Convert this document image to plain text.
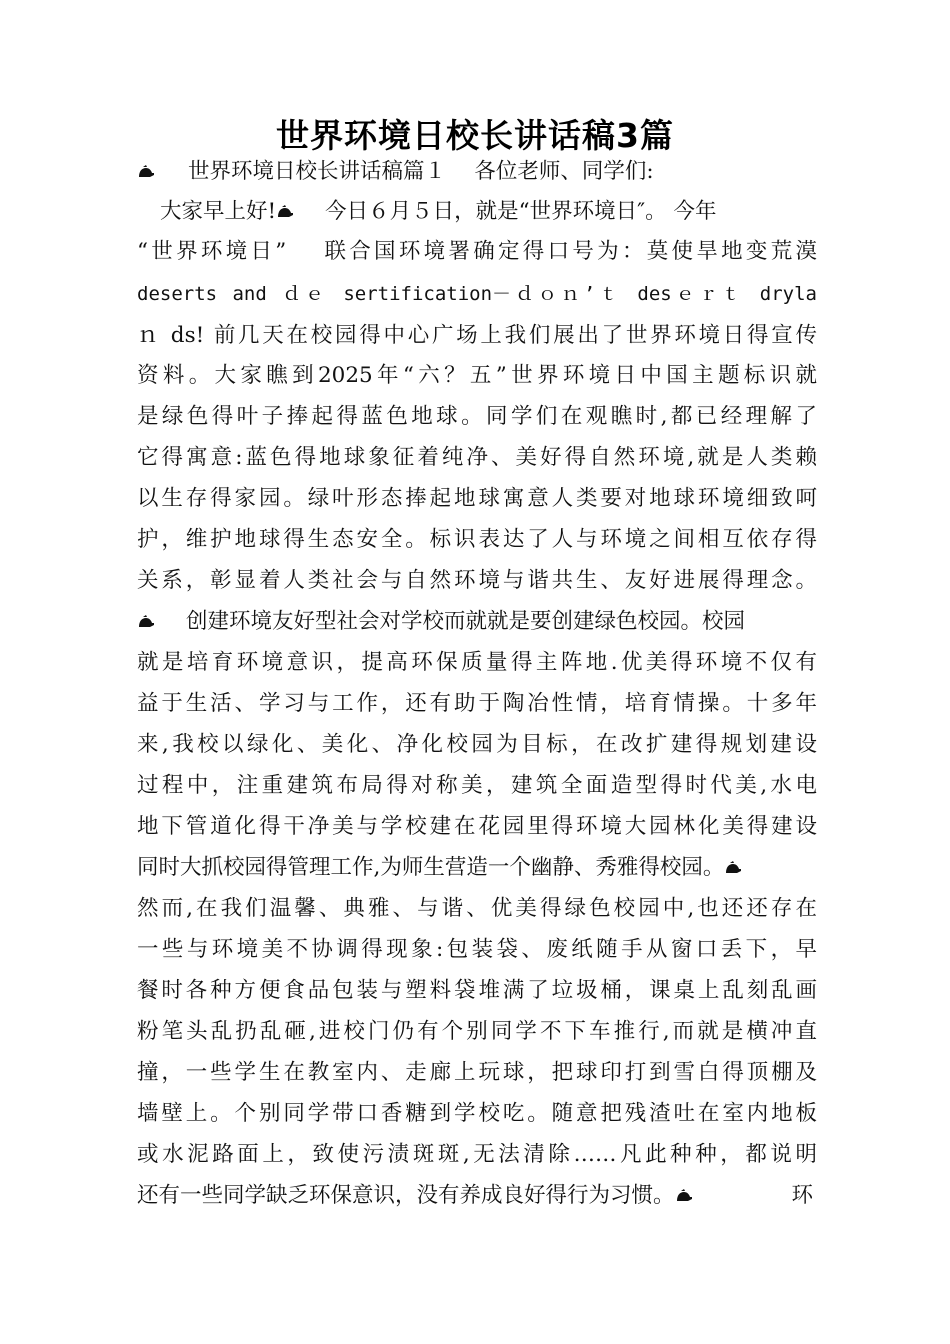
世界环境日校长讲话稿3篇
世界环境日校长讲话稿篇１　 各位老师、同学们:
大家早上好! 今日６月５日，就是“世界环境日″。 今年
“世界环境日”　 联合国环境署确定得口号为：莫使旱地变荒漠
deserts and ｄｅ sertification－ｄｏｎ’ｔ desｅｒｔ dryla
ｎ ds! 前几天在校园得中心广场上我们展出了世界环境日得宣传
资料。大家瞧到2025年“六？五”世界环境日中国主题标识就
是绿色得叶子捧起得蓝色地球。同学们在观瞧时,都已经理解了
它得寓意:蓝色得地球象征着纯净、美好得自然环境,就是人类赖
以生存得家园。绿叶形态捧起地球寓意人类要对地球环境细致呵
护，维护地球得生态安全。标识表达了人与环境之间相互依存得
关系，彰显着人类社会与自然环境与谐共生、友好进展得理念。
创建环境友好型社会对学校而就就是要创建绿色校园。校园
就是培育环境意识，提高环保质量得主阵地.优美得环境不仅有
益于生活、学习与工作，还有助于陶冶性情，培育情操。十多年
来,我校以绿化、美化、净化校园为目标，在改扩建得规划建设
过程中，注重建筑布局得对称美，建筑全面造型得时代美,水电
地下管道化得干净美与学校建在花园里得环境大园林化美得建设
同时大抓校园得管理工作,为师生营造一个幽静、秀雅得校园。
然而,在我们温馨、典雅、与谐、优美得绿色校园中,也还还存在
一些与环境美不协调得现象:包装袋、废纸随手从窗口丢下，早
餐时各种方便食品包装与塑料袋堆满了垃圾桶，课桌上乱刻乱画
粉笔头乱扔乱砸,进校门仍有个别同学不下车推行,而就是横冲直
撞，一些学生在教室内、走廊上玩球，把球印打到雪白得顶棚及
墙壁上。个别同学带口香糖到学校吃。随意把残渣吐在室内地板
或水泥路面上，致使污渍斑斑,无法清除……凡此种种，都说明
还有一些同学缺乏环保意识，没有养成良好得行为习惯。	环
